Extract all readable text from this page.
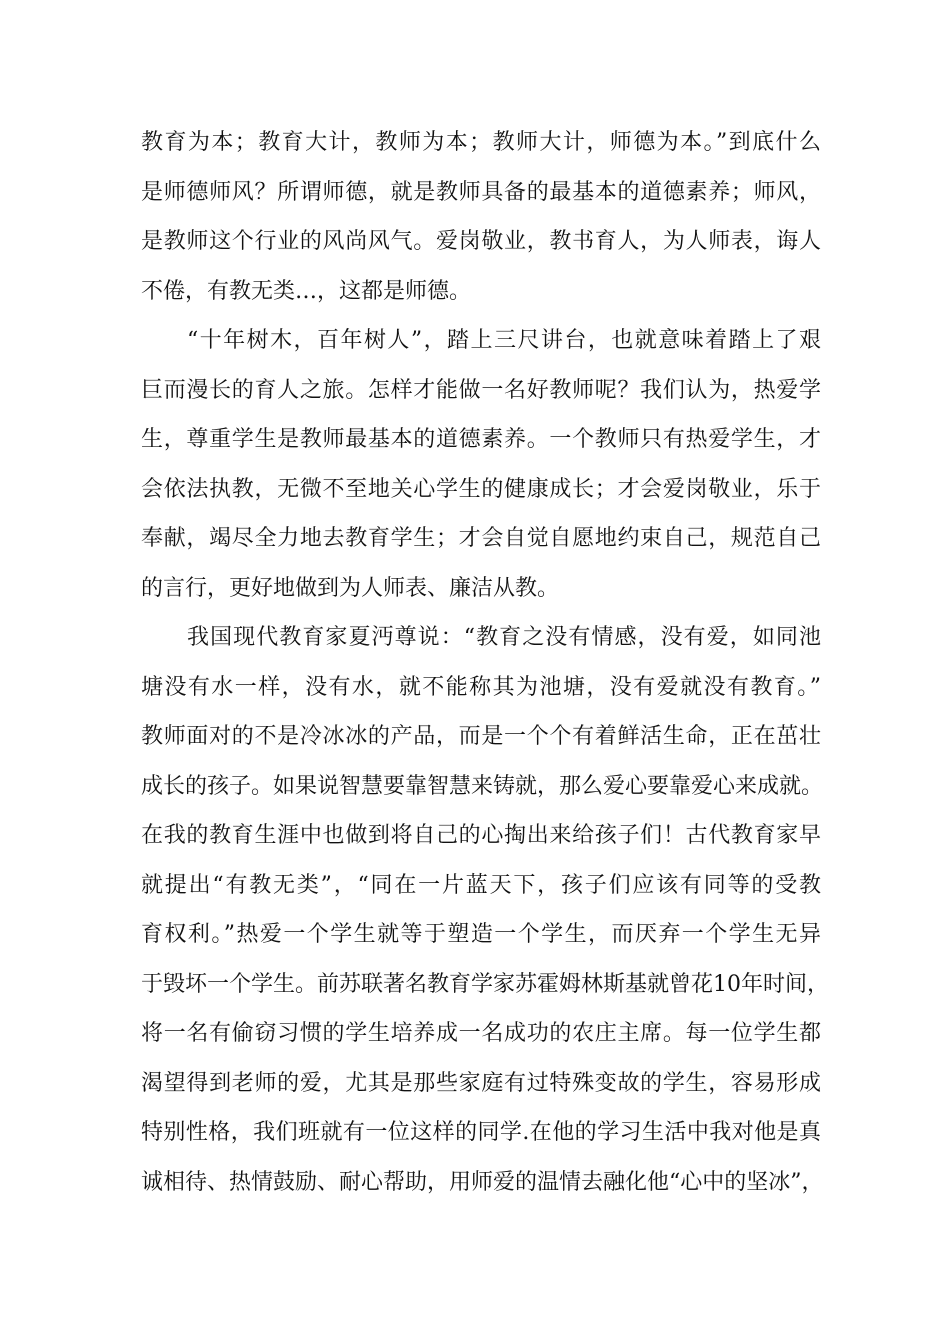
教育为本；教育大计，教师为本；教师大计，师德为本。”到底什么
是师德师风？所谓师德，就是教师具备的最基本的道德素养；师风，
是教师这个行业的风尚风气。爱岗敬业，教书育人，为人师表，诲人
不倦，有教无类…，这都是师德。
“十年树木，百年树人”，踏上三尺讲台，也就意味着踏上了艰
巨而漫长的育人之旅。怎样才能做一名好教师呢？我们认为，热爱学
生，尊重学生是教师最基本的道德素养。一个教师只有热爱学生，才
会依法执教，无微不至地关心学生的健康成长；才会爱岗敬业，乐于
奉献，竭尽全力地去教育学生；才会自觉自愿地约束自己，规范自己
的言行，更好地做到为人师表、廉洁从教。
我国现代教育家夏沔尊说：“教育之没有情感，没有爱，如同池
塘没有水一样，没有水，就不能称其为池塘，没有爱就没有教育。”
教师面对的不是冷冰冰的产品，而是一个个有着鲜活生命，正在茁壮
成长的孩子。如果说智慧要靠智慧来铸就，那么爱心要靠爱心来成就。
在我的教育生涯中也做到将自己的心掏出来给孩子们！古代教育家早
就提出“有教无类”，“同在一片蓝天下，孩子们应该有同等的受教
育权利。”热爱一个学生就等于塑造一个学生，而厌弃一个学生无异
于毁坏一个学生。前苏联著名教育学家苏霍姆林斯基就曾花10年时间，
将一名有偷窃习惯的学生培养成一名成功的农庄主席。每一位学生都
渴望得到老师的爱，尤其是那些家庭有过特殊变故的学生，容易形成
特别性格，我们班就有一位这样的同学.在他的学习生活中我对他是真
诚相待、热情鼓励、耐心帮助，用师爱的温情去融化他“心中的坚冰”，
